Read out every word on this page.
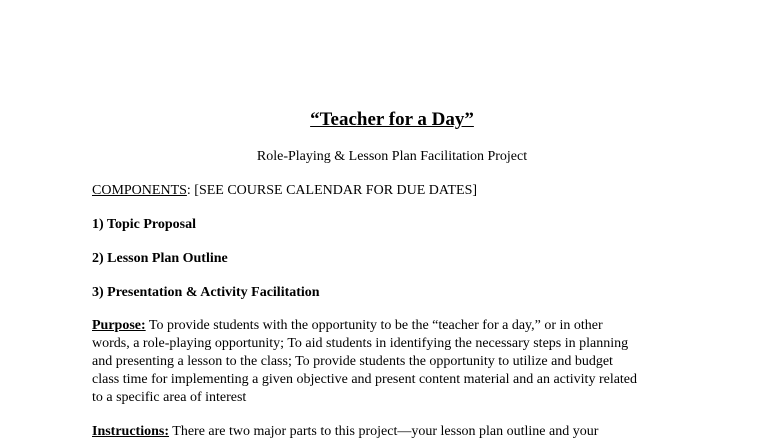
“Teacher for a Day”
Role-Playing & Lesson Plan Facilitation Project
COMPONENTS: [SEE COURSE CALENDAR FOR DUE DATES]
1) Topic Proposal
2) Lesson Plan Outline
3) Presentation & Activity Facilitation
Purpose: To provide students with the opportunity to be the “teacher for a day,” or in other
words, a role-playing opportunity; To aid students in identifying the necessary steps in planning
and presenting a lesson to the class; To provide students the opportunity to utilize and budget
class time for implementing a given objective and present content material and an activity related
to a specific area of interest
Instructions: There are two major parts to this project—your lesson plan outline and your
